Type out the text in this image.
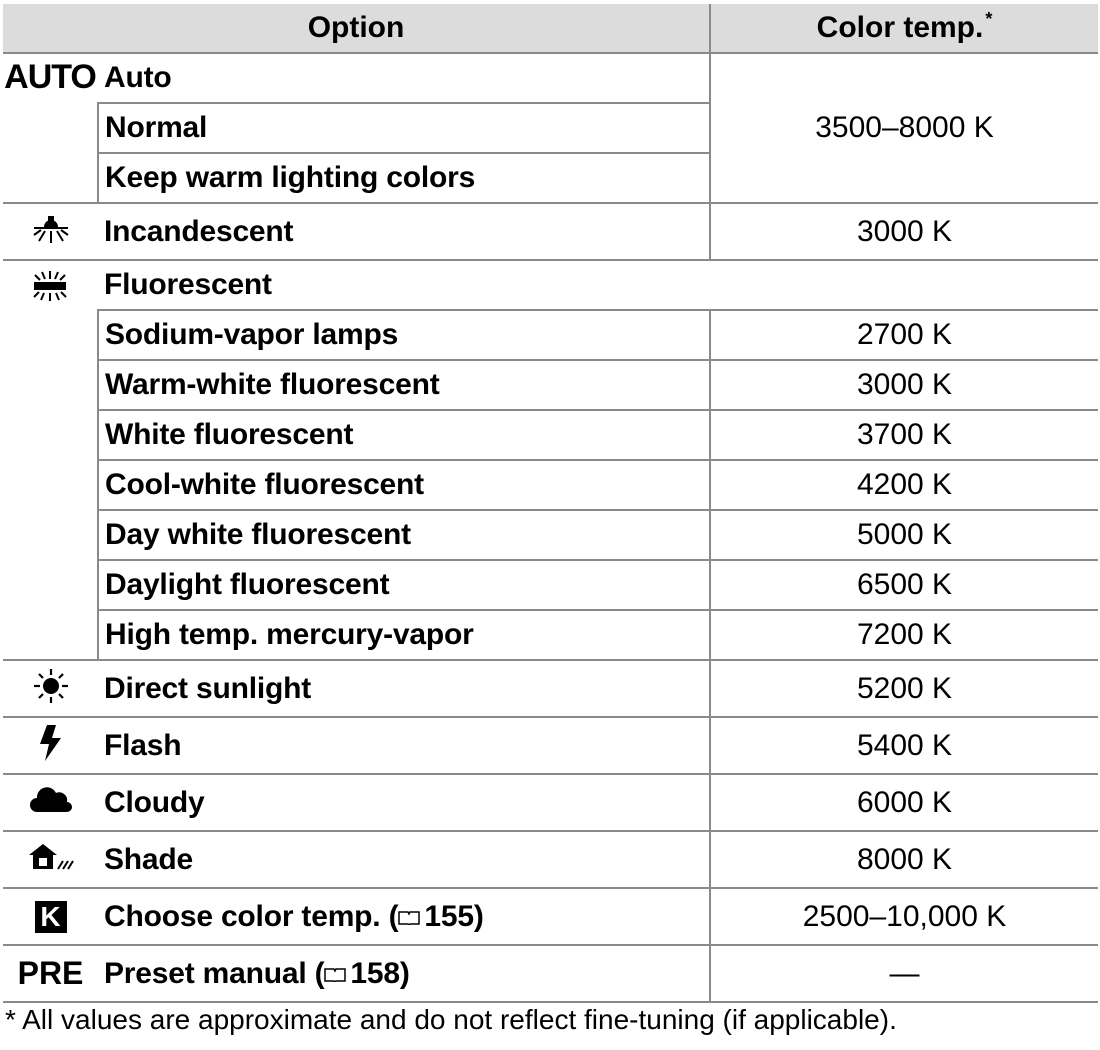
Option		Color temp. *
AUTO	Auto	3500–8000 K
	Normal	
	Keep warm lighting colors	
	Incandescent	3000 K
	Fluorescent	
	Sodium-vapor lamps	2700 K
	Warm-white fluorescent	3000 K
	White fluorescent	3700 K
	Cool-white fluorescent	4200 K
	Day white fluorescent	5000 K
	Daylight fluorescent	6500 K
	High temp. mercury-vapor	7200 K
	Direct sunlight	5200 K
	Flash	5400 K
	Cloudy	6000 K
	Shade	8000 K
K	Choose color temp. ( 155)	2500–10,000 K
PRE	Preset manual ( 158)	—
* All values are approximate and do not reflect fine-tuning (if applicable).
